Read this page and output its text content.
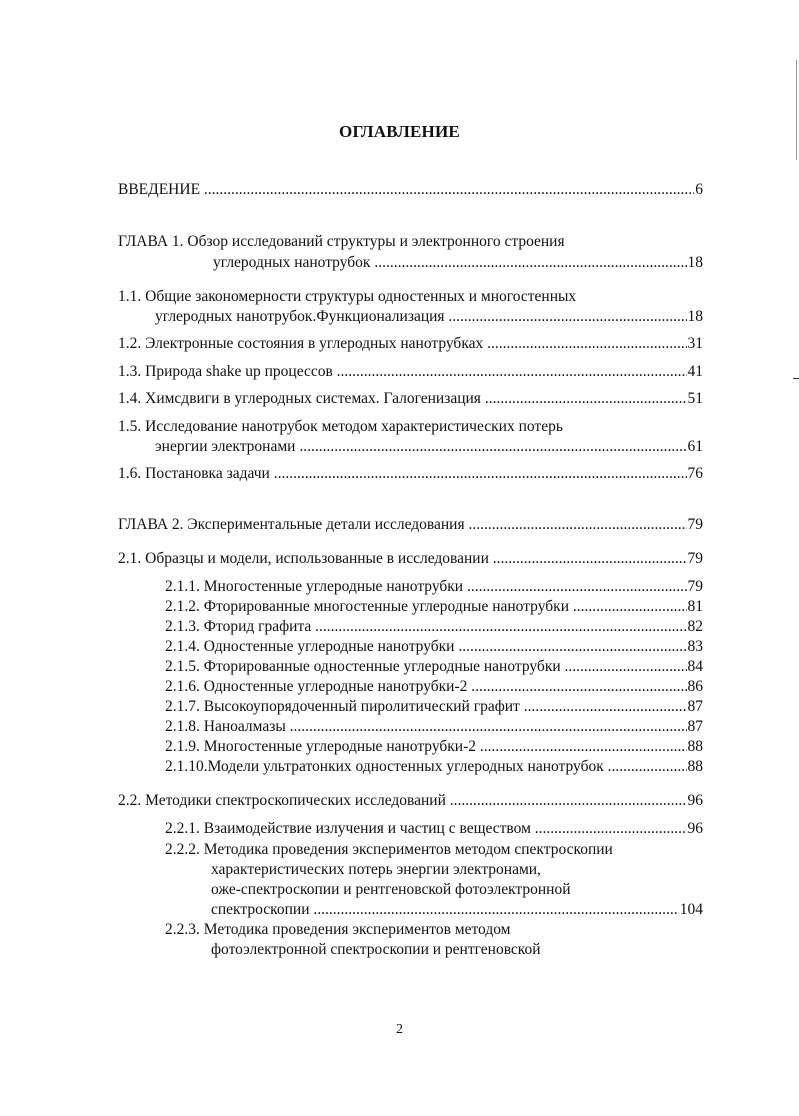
ОГЛАВЛЕНИЕ
ВВЕДЕНИЕ .....	6
ГЛАВА 1. Обзор исследований структуры и электронного строения
углеродных нанотрубок .....	18
1.1. Общие закономерности структуры одностенных и многостенных
углеродных нанотрубок.Функционализация .....	18
1.2. Электронные состояния в углеродных нанотрубках .....	31
1.3. Природа shake up процессов .....	41
1.4. Химсдвиги в углеродных системах. Галогенизация .....	51
1.5. Исследование нанотрубок методом характеристических потерь
энергии электронами .....	61
1.6. Постановка задачи .....	76
ГЛАВА 2. Экспериментальные детали исследования .....	79
2.1. Образцы и модели, использованные в исследовании .....	79
2.1.1. Многостенные углеродные нанотрубки .....	79
2.1.2. Фторированные многостенные углеродные нанотрубки .....	81
2.1.3. Фторид графита .....	82
2.1.4. Одностенные углеродные нанотрубки .....	83
2.1.5. Фторированные одностенные углеродные нанотрубки .....	84
2.1.6. Одностенные углеродные нанотрубки-2 .....	86
2.1.7. Высокоупорядоченный пиролитический графит .....	87
2.1.8. Наноалмазы .....	87
2.1.9. Многостенные углеродные нанотрубки-2 .....	88
2.1.10.Модели ультратонких одностенных углеродных нанотрубок .....	88
2.2. Методики спектроскопических исследований .....	96
2.2.1. Взаимодействие излучения и частиц с веществом .....	96
2.2.2. Методика проведения экспериментов методом спектроскопии
характеристических потерь энергии электронами,
оже-спектроскопии и рентгеновской фотоэлектронной
спектроскопии .....	104
2.2.3. Методика проведения экспериментов методом
фотоэлектронной спектроскопии и рентгеновской
2
